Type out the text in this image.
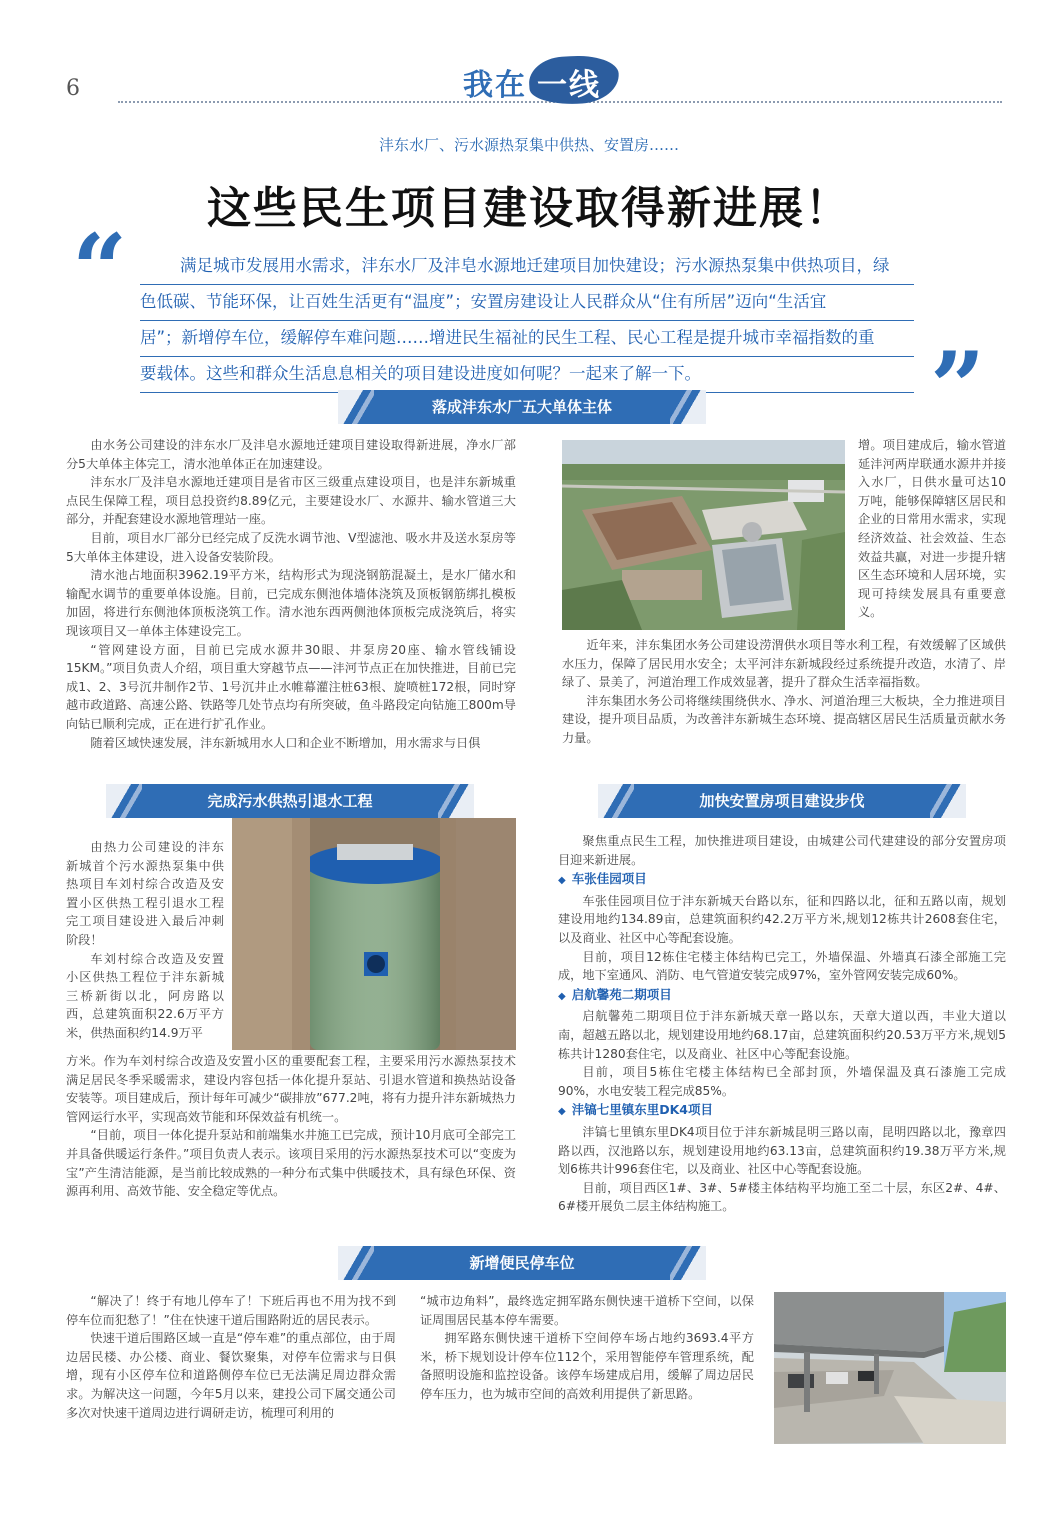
6	我在 一线
沣东水厂、污水源热泵集中供热、安置房……
这些民生项目建设取得新进展！
“	满足城市发展用水需求，沣东水厂及沣皂水源地迁建项目加快建设；污水源热泵集中供热项目，绿
色低碳、节能环保，让百姓生活更有“温度”；安置房建设让人民群众从“住有所居”迈向“生活宜
居”；新增停车位，缓解停车难问题……增进民生福祉的民生工程、民心工程是提升城市幸福指数的重
要载体。这些和群众生活息息相关的项目建设进度如何呢？一起来了解一下。	”
落成沣东水厂五大单体主体

由水务公司建设的沣东水厂及沣皂水源地迁建项目建设取得新进展，净水厂部分5大单体主体完工，清水池单体正在加速建设。

沣东水厂及沣皂水源地迁建项目是省市区三级重点建设项目，也是沣东新城重点民生保障工程，项目总投资约8.89亿元，主要建设水厂、水源井、输水管道三大部分，并配套建设水源地管理站一座。

目前，项目水厂部分已经完成了反洗水调节池、V型滤池、吸水井及送水泵房等5大单体主体建设，进入设备安装阶段。

清水池占地面积3962.19平方米，结构形式为现浇钢筋混凝土，是水厂储水和输配水调节的重要单体设施。目前，已完成东侧池体墙体浇筑及顶板钢筋绑扎模板加固，将进行东侧池体顶板浇筑工作。清水池东西两侧池体顶板完成浇筑后，将实现该项目又一单体主体建设完工。

“管网建设方面，目前已完成水源井30眼、井泵房20座、输水管线铺设15KM。”项目负责人介绍，项目重大穿越节点——沣河节点正在加快推进，目前已完成1、2、3号沉井制作2节、1号沉井止水帷幕灌注桩63根、旋喷桩172根，同时穿越市政道路、高速公路、铁路等几处节点均有所突破，鱼斗路段定向钻施工800m导向钻已顺利完成，正在进行扩孔作业。

随着区域快速发展，沣东新城用水人口和企业不断增加，用水需求与日俱

增。项目建成后，输水管道延沣河两岸联通水源井并接入水厂，日供水量可达10万吨，能够保障辖区居民和企业的日常用水需求，实现经济效益、社会效益、生态效益共赢，对进一步提升辖区生态环境和人居环境，实现可持续发展具有重要意义。

近年来，沣东集团水务公司建设涝渭供水项目等水利工程，有效缓解了区域供水压力，保障了居民用水安全；太平河沣东新城段经过系统提升改造，水清了、岸绿了、景美了，河道治理工作成效显著，提升了群众生活幸福指数。

沣东集团水务公司将继续围绕供水、净水、河道治理三大板块，全力推进项目建设，提升项目品质，为改善沣东新城生态环境、提高辖区居民生活质量贡献水务力量。

完成污水供热引退水工程

由热力公司建设的沣东新城首个污水源热泵集中供热项目车刘村综合改造及安置小区供热工程引退水工程完工项目建设进入最后冲刺阶段！

车刘村综合改造及安置小区供热工程位于沣东新城三桥新街以北，阿房路以西，总建筑面积22.6万平方米，供热面积约14.9万平

方米。作为车刘村综合改造及安置小区的重要配套工程，主要采用污水源热泵技术满足居民冬季采暖需求，建设内容包括一体化提升泵站、引退水管道和换热站设备安装等。项目建成后，预计每年可减少“碳排放”677.2吨，将有力提升沣东新城热力管网运行水平，实现高效节能和环保效益有机统一。

“目前，项目一体化提升泵站和前端集水井施工已完成，预计10月底可全部完工并具备供暖运行条件。”项目负责人表示。该项目采用的污水源热泵技术可以“变废为宝”产生清洁能源，是当前比较成熟的一种分布式集中供暖技术，具有绿色环保、资源再利用、高效节能、安全稳定等优点。

加快安置房项目建设步伐

聚焦重点民生工程，加快推进项目建设，由城建公司代建建设的部分安置房项目迎来新进展。

◆ 车张佳园项目

车张佳园项目位于沣东新城天台路以东，征和四路以北，征和五路以南，规划建设用地约134.89亩，总建筑面积约42.2万平方米,规划12栋共计2608套住宅，以及商业、社区中心等配套设施。

目前，项目12栋住宅楼主体结构已完工，外墙保温、外墙真石漆全部施工完成，地下室通风、消防、电气管道安装完成97%，室外管网安装完成60%。

◆ 启航馨苑二期项目

启航馨苑二期项目位于沣东新城天章一路以东，天章大道以西，丰业大道以南，超越五路以北，规划建设用地约68.17亩，总建筑面积约20.53万平方米,规划5栋共计1280套住宅，以及商业、社区中心等配套设施。

目前，项目5栋住宅楼主体结构已全部封顶，外墙保温及真石漆施工完成90%，水电安装工程完成85%。

◆ 沣镐七里镇东里DK4项目

沣镐七里镇东里DK4项目位于沣东新城昆明三路以南，昆明四路以北，豫章四路以西，汉池路以东，规划建设用地约63.13亩，总建筑面积约19.38万平方米,规划6栋共计996套住宅，以及商业、社区中心等配套设施。

目前，项目西区1#、3#、5#楼主体结构平均施工至二十层，东区2#、4#、6#楼开展负二层主体结构施工。

新增便民停车位

“解决了！终于有地儿停车了！下班后再也不用为找不到停车位而犯愁了！”住在快速干道后围路附近的居民表示。

快速干道后围路区域一直是“停车难”的重点部位，由于周边居民楼、办公楼、商业、餐饮聚集，对停车位需求与日俱增，现有小区停车位和道路侧停车位已无法满足周边群众需求。为解决这一问题，今年5月以来，建投公司下属交通公司多次对快速干道周边进行调研走访，梳理可利用的

“城市边角料”，最终选定拥军路东侧快速干道桥下空间，以保证周围居民基本停车需要。

拥军路东侧快速干道桥下空间停车场占地约3693.4平方米，桥下规划设计停车位112个，采用智能停车管理系统，配备照明设施和监控设备。该停车场建成启用，缓解了周边居民停车压力，也为城市空间的高效利用提供了新思路。
